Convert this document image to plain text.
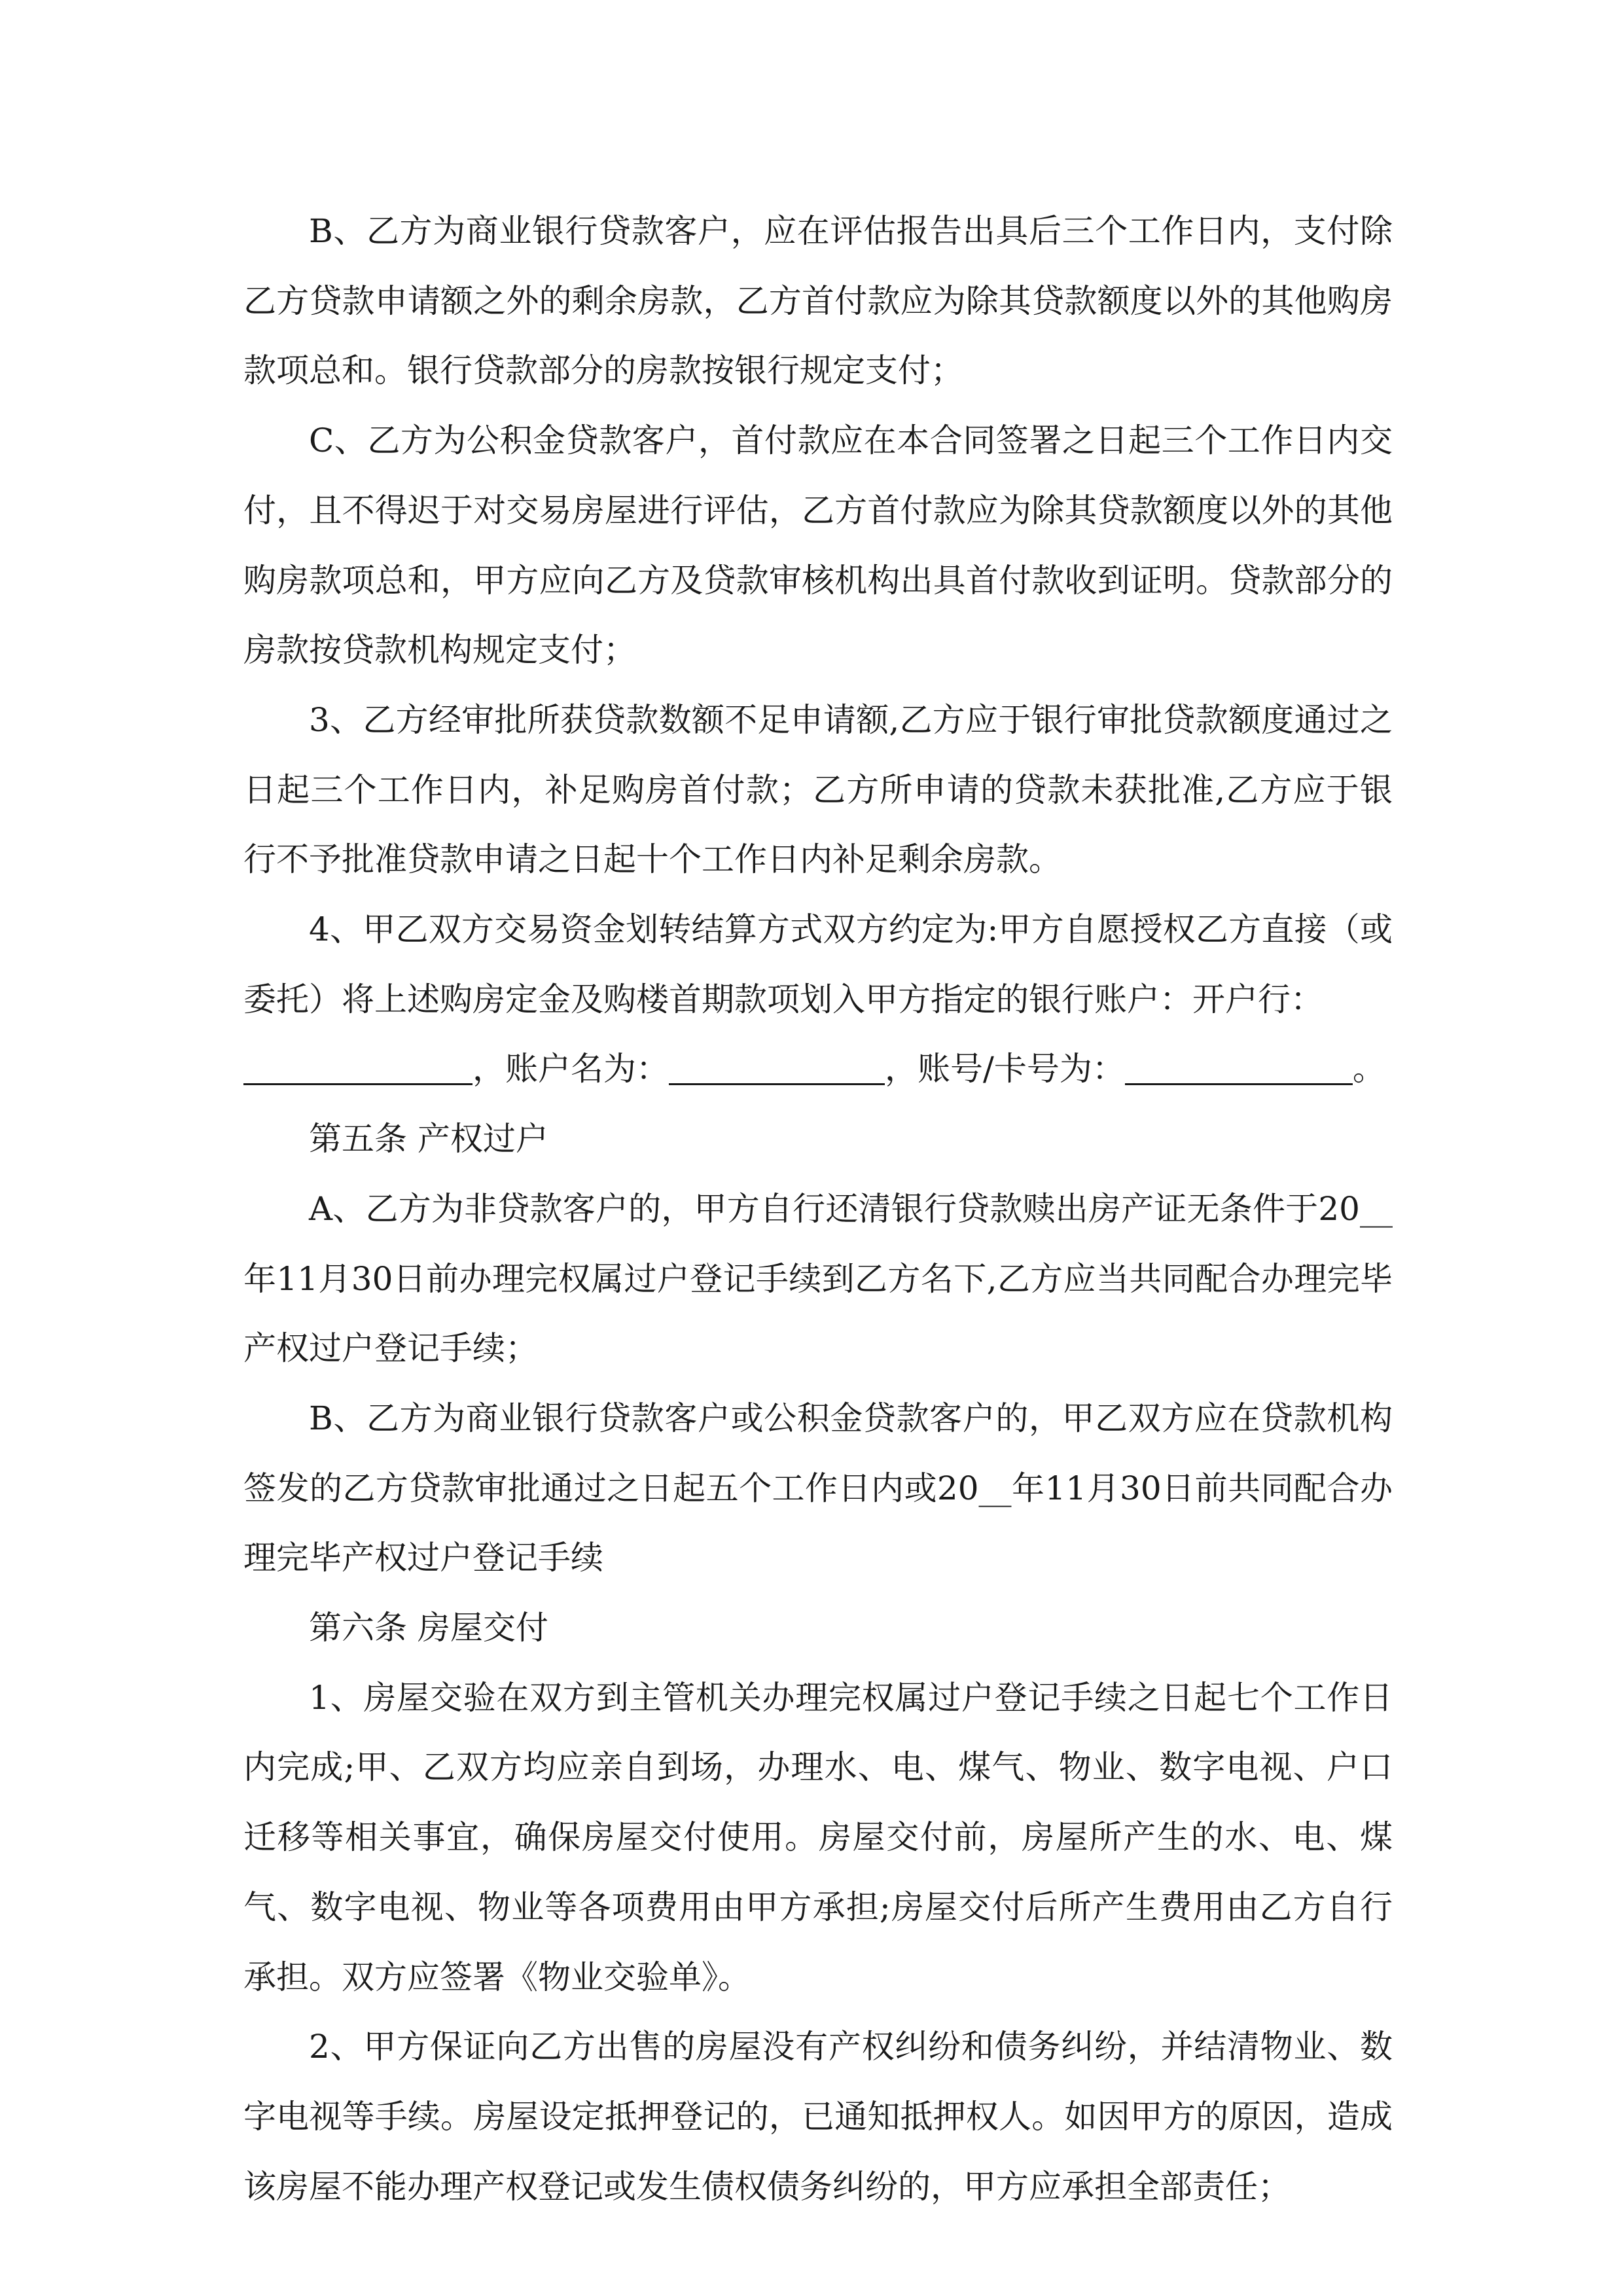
B、乙方为商业银行贷款客户，应在评估报告出具后三个工作日内，支付除乙方贷款申请额之外的剩余房款，乙方首付款应为除其贷款额度以外的其他购房款项总和。银行贷款部分的房款按银行规定支付；

C、乙方为公积金贷款客户，首付款应在本合同签署之日起三个工作日内交付，且不得迟于对交易房屋进行评估，乙方首付款应为除其贷款额度以外的其他购房款项总和，甲方应向乙方及贷款审核机构出具首付款收到证明。贷款部分的房款按贷款机构规定支付；

3、乙方经审批所获贷款数额不足申请额,乙方应于银行审批贷款额度通过之日起三个工作日内，补足购房首付款；乙方所申请的贷款未获批准,乙方应于银行不予批准贷款申请之日起十个工作日内补足剩余房款。

4、甲乙双方交易资金划转结算方式双方约定为:甲方自愿授权乙方直接（或委托）将上述购房定金及购楼首期款项划入甲方指定的银行账户：开户行：
，账户名为：	，账号/卡号为：	。

第五条 产权过户

A、乙方为非贷款客户的，甲方自行还清银行贷款赎出房产证无条件于20__年11月30日前办理完权属过户登记手续到乙方名下,乙方应当共同配合办理完毕产权过户登记手续；

B、乙方为商业银行贷款客户或公积金贷款客户的，甲乙双方应在贷款机构签发的乙方贷款审批通过之日起五个工作日内或20__年11月30日前共同配合办理完毕产权过户登记手续

第六条 房屋交付

1、房屋交验在双方到主管机关办理完权属过户登记手续之日起七个工作日内完成;甲、乙双方均应亲自到场，办理水、电、煤气、物业、数字电视、户口迁移等相关事宜，确保房屋交付使用。房屋交付前，房屋所产生的水、电、煤气、数字电视、物业等各项费用由甲方承担;房屋交付后所产生费用由乙方自行承担。双方应签署《物业交验单》。

2、甲方保证向乙方出售的房屋没有产权纠纷和债务纠纷，并结清物业、数字电视等手续。房屋设定抵押登记的，已通知抵押权人。如因甲方的原因，造成该房屋不能办理产权登记或发生债权债务纠纷的，甲方应承担全部责任；
